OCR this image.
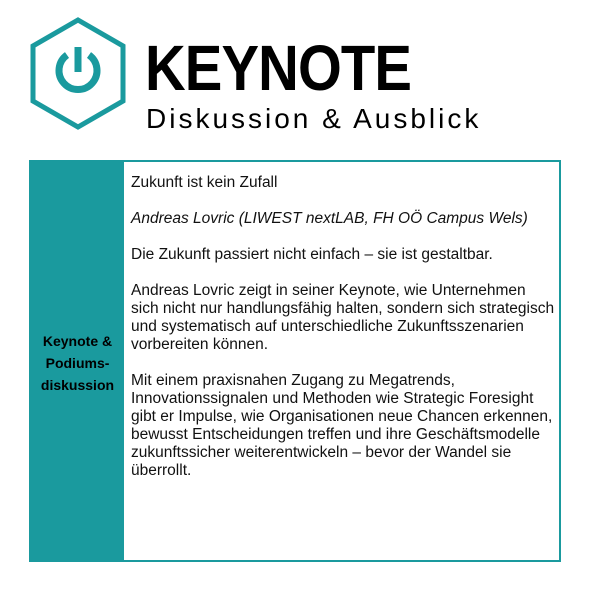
KEYNOTE
Diskussion & Ausblick
Keynote &
Podiums-
diskussion

Zukunft ist kein Zufall

Andreas Lovric (LIWEST nextLAB, FH OÖ Campus Wels)

Die Zukunft passiert nicht einfach – sie ist gestaltbar.

Andreas Lovric zeigt in seiner Keynote, wie Unternehmen sich nicht nur handlungsfähig halten, sondern sich strategisch und systematisch auf unterschiedliche Zukunftsszenarien vorbereiten können.

Mit einem praxisnahen Zugang zu Megatrends, Innovationssignalen und Methoden wie Strategic Foresight gibt er Impulse, wie Organisationen neue Chancen erkennen, bewusst Entscheidungen treffen und ihre Geschäftsmodelle zukunftssicher weiterentwickeln – bevor der Wandel sie überrollt.
